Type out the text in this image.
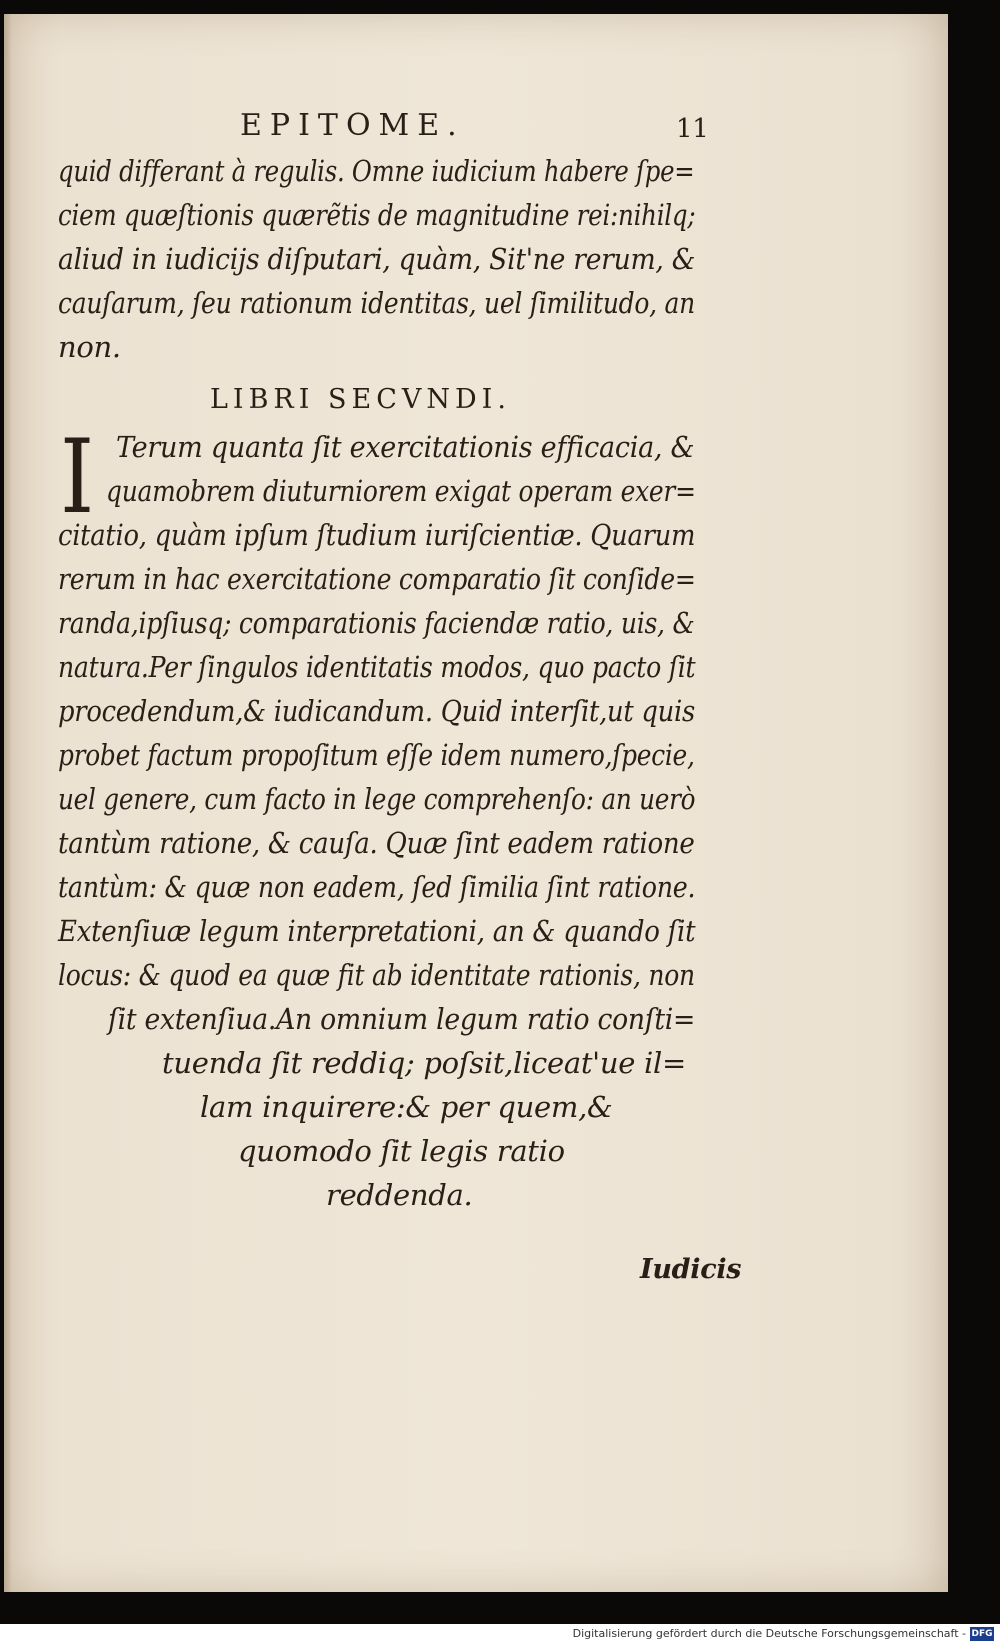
EPITOME.	11
quid differant à regulis. Omne iudicium habere ſpe=
ciem quæſtionis quærẽtis de magnitudine rei:nihilq;
aliud in iudicijs diſputari, quàm, Sit'ne rerum, &
cauſarum, ſeu rationum identitas, uel ſimilitudo, an
non.
LIBRI SECVNDI.
I Terum quanta ſit exercitationis efficacia, &
quamobrem diuturniorem exigat operam exer=
citatio, quàm ipſum ſtudium iuriſcientiæ. Quarum
rerum in hac exercitatione comparatio ſit conſide=
randa,ipſiusq; comparationis faciendæ ratio, uis, &
natura.Per ſingulos identitatis modos, quo pacto ſit
procedendum,& iudicandum. Quid interſit,ut quis
probet factum propoſitum eſſe idem numero,ſpecie,
uel genere, cum facto in lege comprehenſo: an uerò
tantùm ratione, & cauſa. Quæ ſint eadem ratione
tantùm: & quæ non eadem, ſed ſimilia ſint ratione.
Extenſiuæ legum interpretationi, an & quando ſit
locus: & quod ea quæ fit ab identitate rationis, non
ſit extenſiua.An omnium legum ratio conſti=
tuenda ſit reddiq; poſsit,liceat'ue il=
lam inquirere:& per quem,&
quomodo ſit legis ratio
reddenda.
Iudicis
Digitalisierung gefördert durch die Deutsche Forschungsgemeinschaft - DFG
